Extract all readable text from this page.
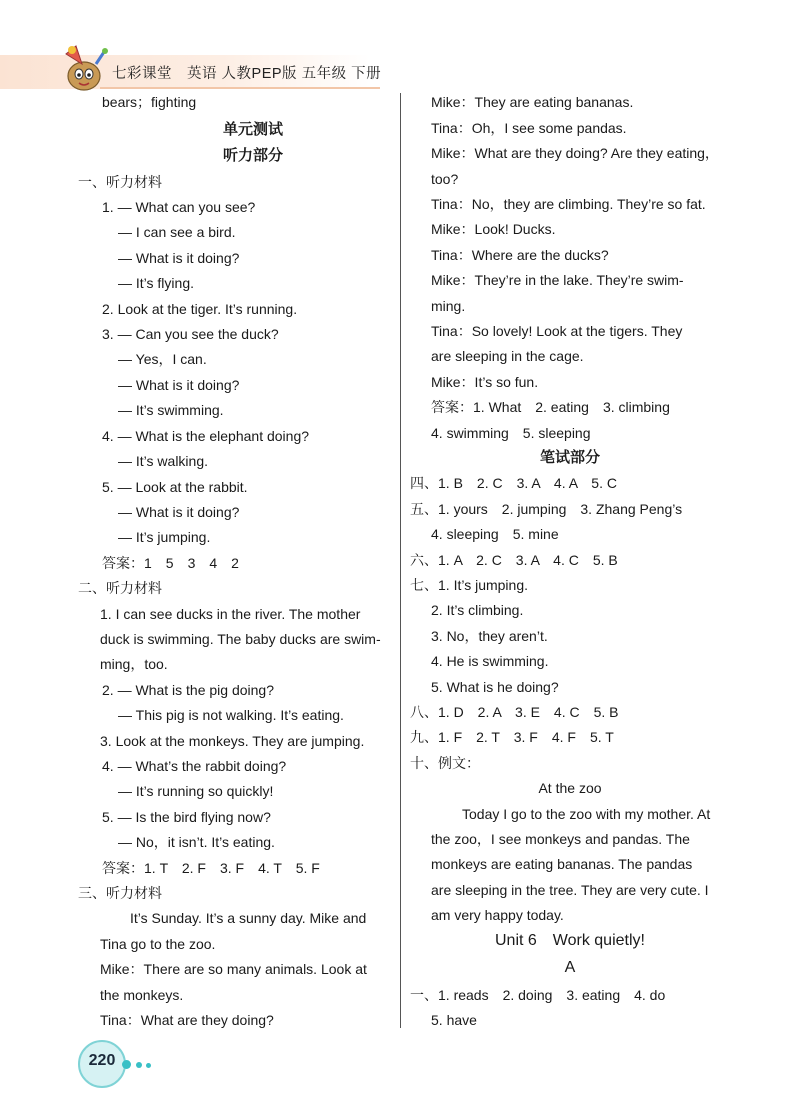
七彩课堂　英语 人教PEP版 五年级 下册
bears；fighting
单元测试
听力部分
一、听力材料
1. — What can you see?
— I can see a bird.
— What is it doing?
— It’s flying.
2. Look at the tiger. It’s running.
3. — Can you see the duck?
— Yes，I can.
— What is it doing?
— It’s swimming.
4. — What is the elephant doing?
— It’s walking.
5. — Look at the rabbit.
— What is it doing?
— It’s jumping.
答案：1　5　3　4　2
二、听力材料
1. I can see ducks in the river. The mother
duck is swimming. The baby ducks are swim-
ming，too.
2. — What is the pig doing?
— This pig is not walking. It’s eating.
3. Look at the monkeys. They are jumping.
4. — What’s the rabbit doing?
— It’s running so quickly!
5. — Is the bird flying now?
— No，it isn’t. It’s eating.
答案：1. T　2. F　3. F　4. T　5. F
三、听力材料
It’s Sunday. It’s a sunny day. Mike and
Tina go to the zoo.
Mike：There are so many animals. Look at
the monkeys.
Tina：What are they doing?
Mike：They are eating bananas.
Tina：Oh，I see some pandas.
Mike：What are they doing? Are they eating，
too?
Tina：No，they are climbing. They’re so fat.
Mike：Look! Ducks.
Tina：Where are the ducks?
Mike：They’re in the lake. They’re swim-
ming.
Tina：So lovely! Look at the tigers. They
are sleeping in the cage.
Mike：It’s so fun.
答案：1. What　2. eating　3. climbing
4. swimming　5. sleeping
笔试部分
四、1. B　2. C　3. A　4. A　5. C
五、1. yours　2. jumping　3. Zhang Peng’s
4. sleeping　5. mine
六、1. A　2. C　3. A　4. C　5. B
七、1. It’s jumping.
2. It’s climbing.
3. No，they aren’t.
4. He is swimming.
5. What is he doing?
八、1. D　2. A　3. E　4. C　5. B
九、1. F　2. T　3. F　4. F　5. T
十、例文：
At the zoo
Today I go to the zoo with my mother. At
the zoo，I see monkeys and pandas. The
monkeys are eating bananas. The pandas
are sleeping in the tree. They are very cute. I
am very happy today.
Unit 6　Work quietly!
A
一、1. reads　2. doing　3. eating　4. do
5. have
220
